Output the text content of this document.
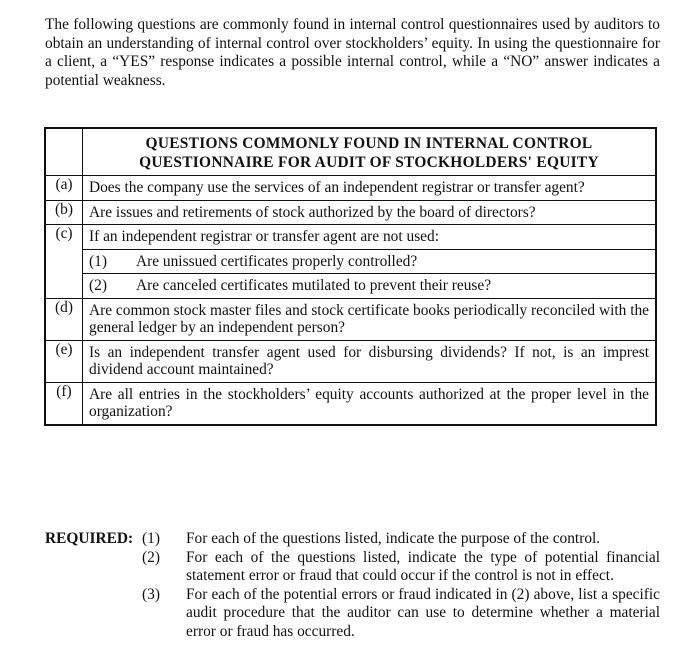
The following questions are commonly found in internal control questionnaires used by auditors to obtain an understanding of internal control over stockholders’ equity. In using the questionnaire for a client, a “YES” response indicates a possible internal control, while a “NO” answer indicates a potential weakness.

	QUESTIONS COMMONLY FOUND IN INTERNAL CONTROL
QUESTIONNAIRE FOR AUDIT OF STOCKHOLDERS' EQUITY
(a)	Does the company use the services of an independent registrar or transfer agent?
(b)	Are issues and retirements of stock authorized by the board of directors?
(c)	If an independent registrar or transfer agent are not used:
	(1) Are unissued certificates properly controlled?
	(2) Are canceled certificates mutilated to prevent their reuse?
(d)	Are common stock master files and stock certificate books periodically reconciled with the general ledger by an independent person?
(e)	Is an independent transfer agent used for disbursing dividends? If not, is an imprest dividend account maintained?
(f)	Are all entries in the stockholders’ equity accounts authorized at the proper level in the organization?
REQUIRED: (1) For each of the questions listed, indicate the purpose of the control.
(2) For each of the questions listed, indicate the type of potential financial statement error or fraud that could occur if the control is not in effect.
(3) For each of the potential errors or fraud indicated in (2) above, list a specific audit procedure that the auditor can use to determine whether a material error or fraud has occurred.
